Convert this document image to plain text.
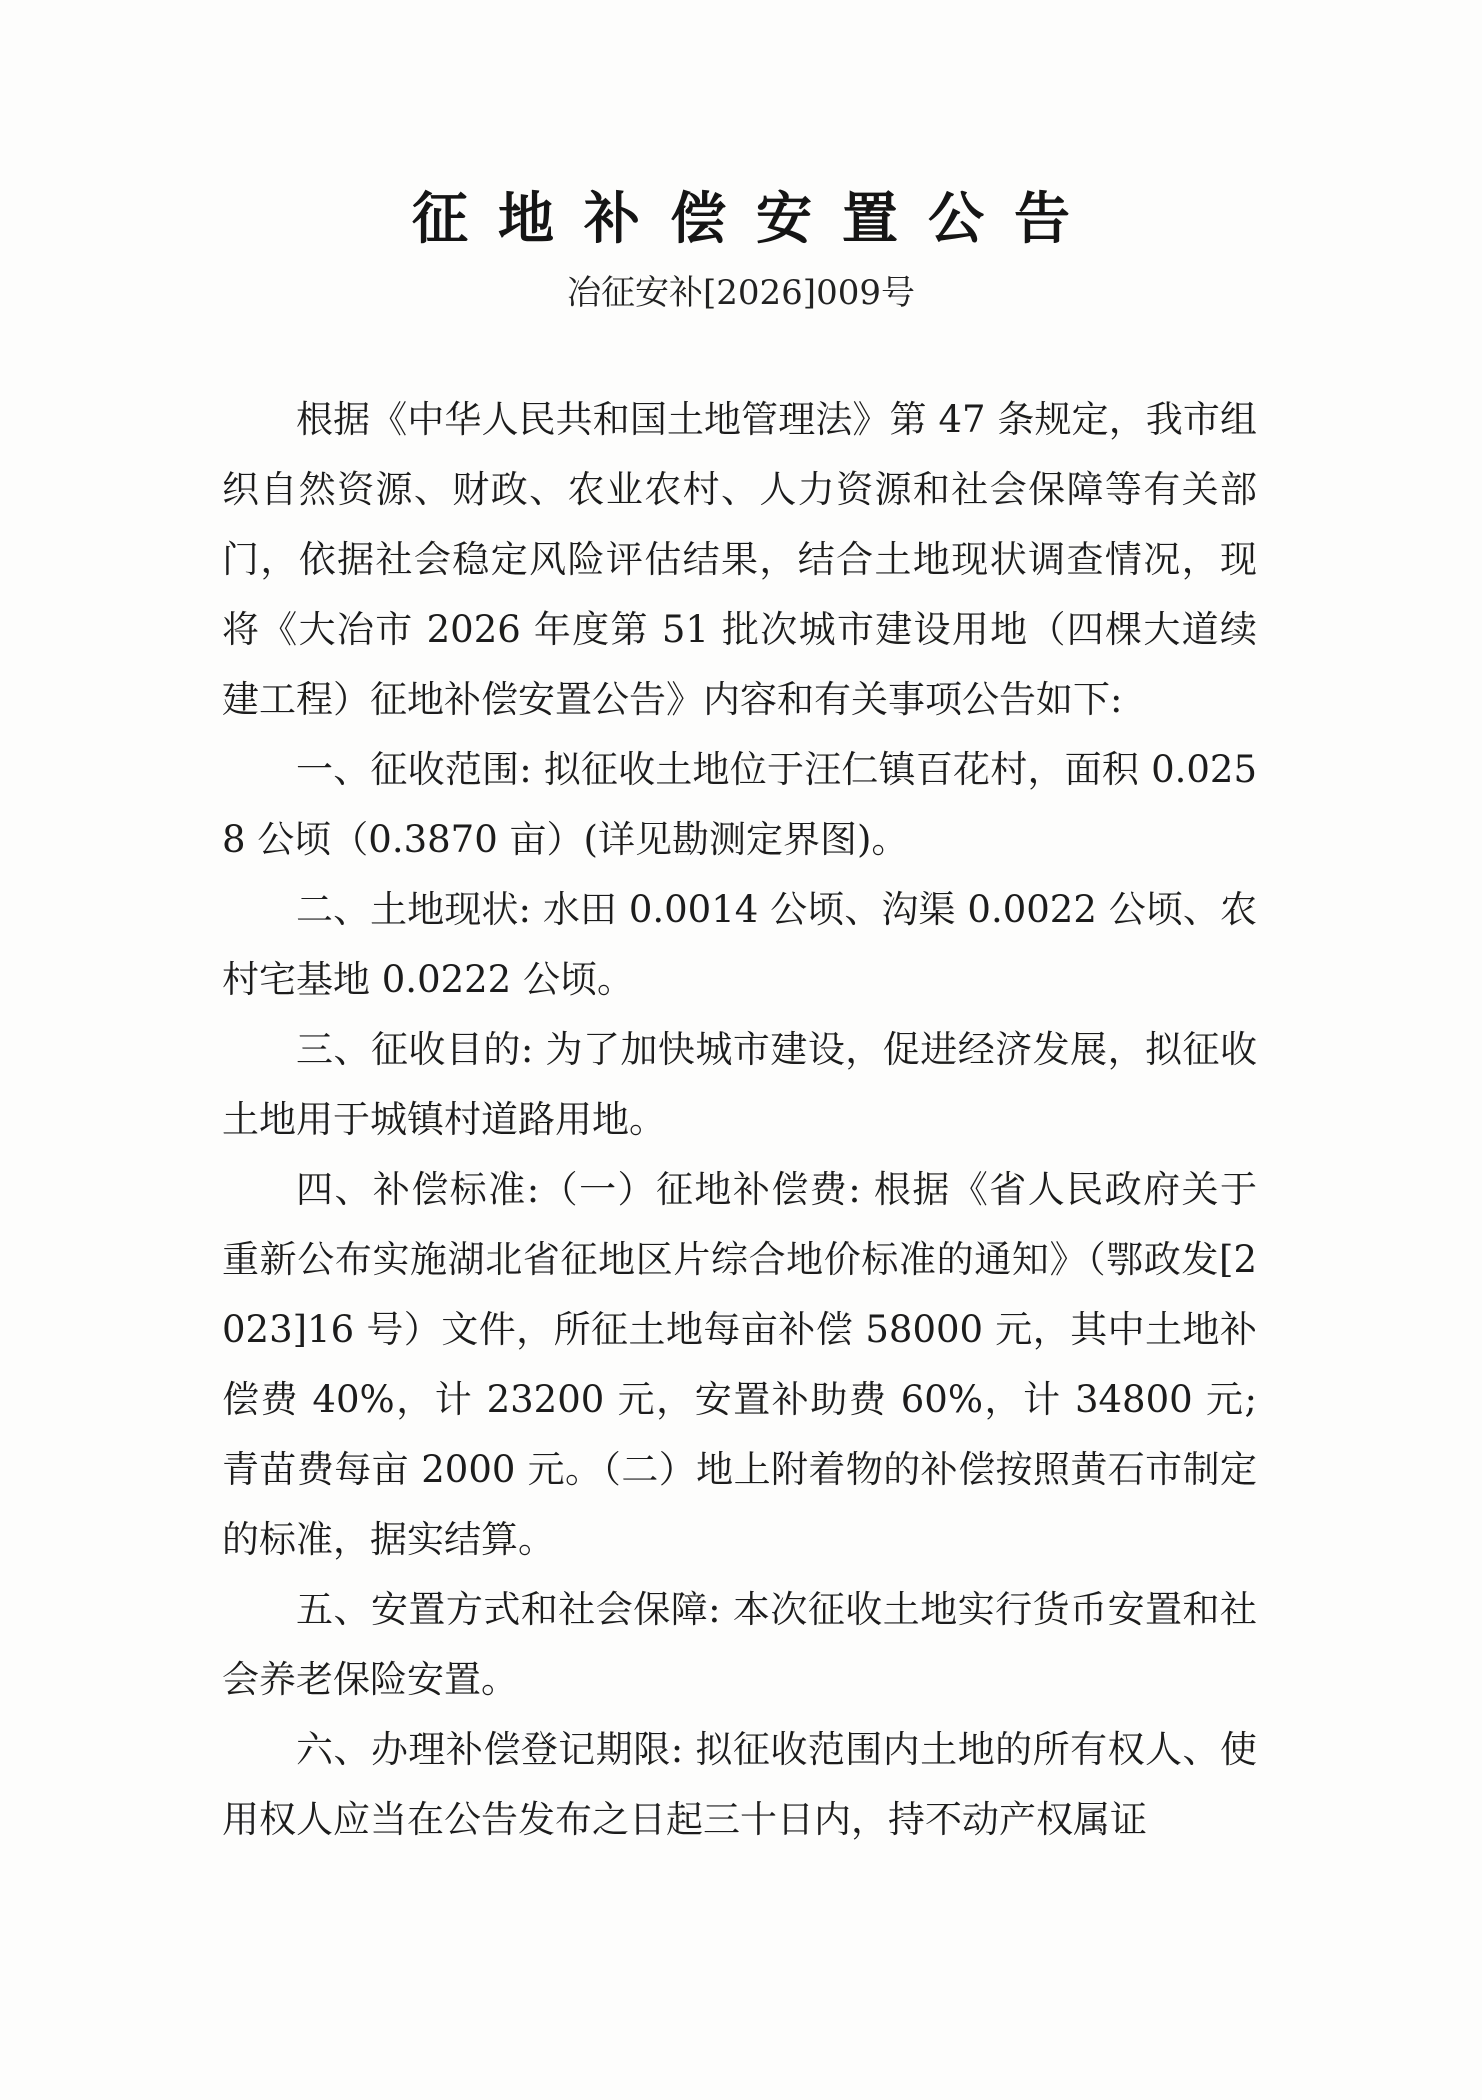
征地补偿安置公告
冶征安补[2026]009号

根据《中华人民共和国土地管理法》第 47 条规定，我市组织自然资源、财政、农业农村、人力资源和社会保障等有关部门，依据社会稳定风险评估结果，结合土地现状调查情况，现将《大冶市 2026 年度第 51 批次城市建设用地（四棵大道续建工程）征地补偿安置公告》内容和有关事项公告如下:

一、征收范围: 拟征收土地位于汪仁镇百花村，面积 0.0258 公顷（0.3870 亩）(详见勘测定界图)。

二、土地现状: 水田 0.0014 公顷、沟渠 0.0022 公顷、农村宅基地 0.0222 公顷。

三、征收目的: 为了加快城市建设，促进经济发展，拟征收土地用于城镇村道路用地。

四、补偿标准:（一）征地补偿费: 根据《省人民政府关于重新公布实施湖北省征地区片综合地价标准的通知》（鄂政发[2023]16 号）文件，所征土地每亩补偿 58000 元，其中土地补偿费 40%，计 23200 元，安置补助费 60%，计 34800 元; 青苗费每亩 2000 元。（二）地上附着物的补偿按照黄石市制定的标准，据实结算。

五、安置方式和社会保障: 本次征收土地实行货币安置和社会养老保险安置。

六、办理补偿登记期限: 拟征收范围内土地的所有权人、使用权人应当在公告发布之日起三十日内，持不动产权属证
